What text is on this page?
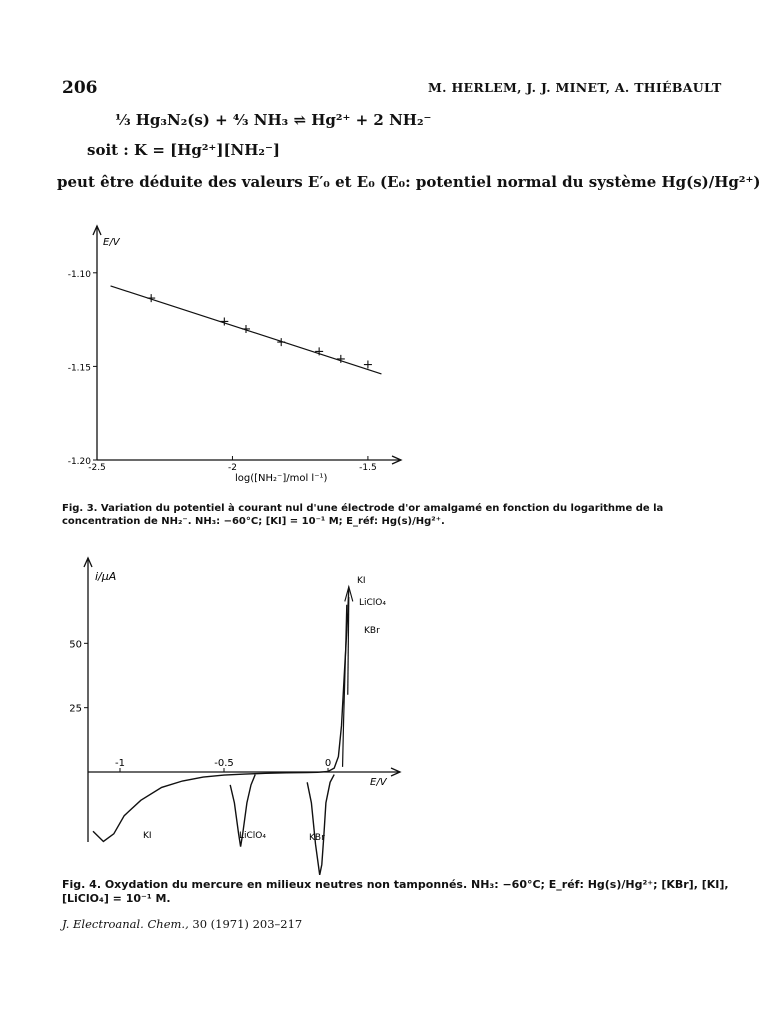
206	M. HERLEM, J. J. MINET, A. THIÉBAULT
⅓ Hg₃N₂(s) + ⁴⁄₃ NH₃ ⇌ Hg²⁺ + 2 NH₂⁻
soit : K = [Hg²⁺][NH₂⁻]
peut être déduite des valeurs E′₀ et E₀ (E₀: potentiel normal du système Hg(s)/Hg²⁺)
-1.10
-1.15
-1.20
-2.5	-2	-1.5
E/V
log([NH₂⁻]/mol l⁻¹)
25
50
-1	-0.5	0
i/µA
E/V
KI
LiClO₄
KBr
KI	LiClO₄	KBr
Fig. 3. Variation du potentiel à courant nul d'une électrode d'or amalgamé en fonction du logarithme de la concentration de NH₂⁻. NH₃: −60°C; [KI] = 10⁻¹ M; E_réf: Hg(s)/Hg²⁺.
Fig. 4. Oxydation du mercure en milieux neutres non tamponnés. NH₃: −60°C; E_réf: Hg(s)/Hg²⁺; [KBr], [KI], [LiClO₄] = 10⁻¹ M.
J. Electroanal. Chem., 30 (1971) 203–217
